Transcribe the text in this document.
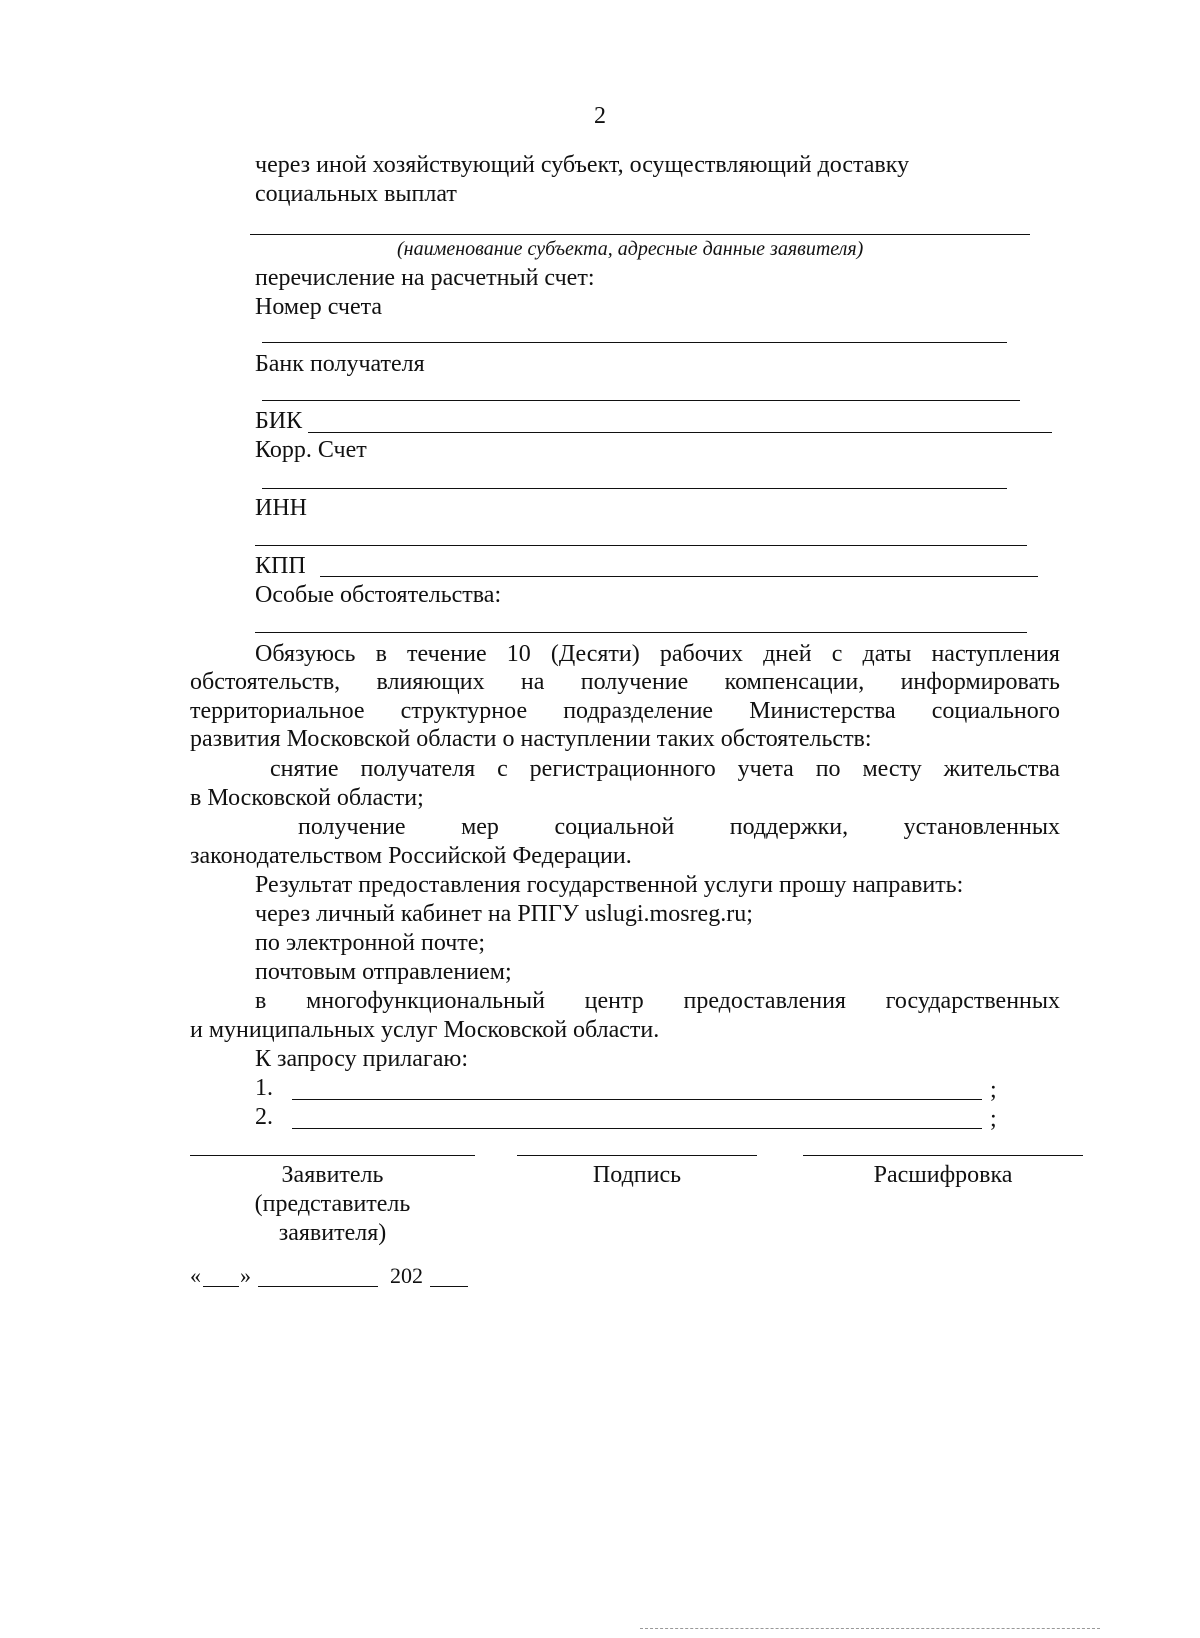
2
через иной хозяйствующий субъект, осуществляющий доставку
социальных выплат
(наименование субъекта, адресные данные заявителя)
перечисление на расчетный счет:
Номер счета
Банк получателя
БИК
Корр. Счет
ИНН
КПП
Особые обстоятельства:
Обязуюсь в течение 10 (Десяти) рабочих дней с даты наступления
обстоятельств, влияющих на получение компенсации, информировать
территориальное структурное подразделение Министерства социального
развития Московской области о наступлении таких обстоятельств:
снятие получателя с регистрационного учета по месту жительства
в Московской области;
получение мер социальной поддержки, установленных
законодательством Российской Федерации.
Результат предоставления государственной услуги прошу направить:
через личный кабинет на РПГУ uslugi.mosreg.ru;
по электронной почте;
почтовым отправлением;
в многофункциональный центр предоставления государственных
и муниципальных услуг Московской области.
К запросу прилагаю:
1.	;
2.	;
Заявитель
(представитель
заявителя)
Подпись	Расшифровка
« »	202
